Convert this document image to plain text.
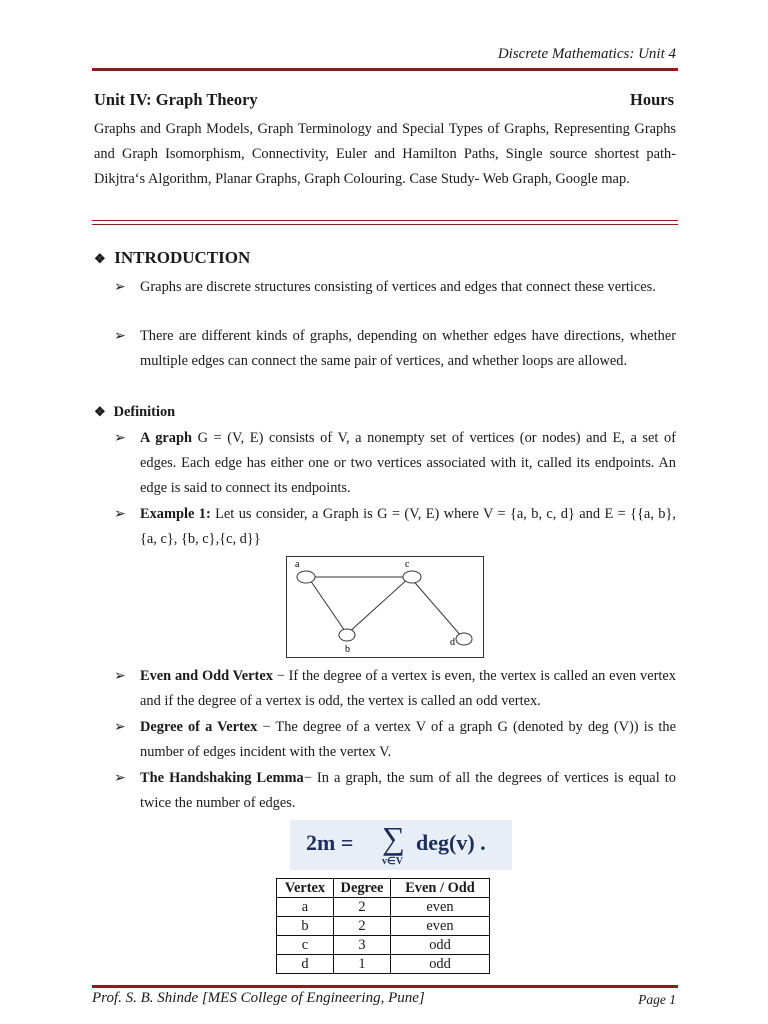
Discrete Mathematics: Unit 4
Unit IV: Graph Theory	Hours
Graphs and Graph Models, Graph Terminology and Special Types of Graphs, Representing Graphs and Graph Isomorphism, Connectivity, Euler and Hamilton Paths, Single source shortest path-Dikjtra‘s Algorithm, Planar Graphs, Graph Colouring. Case Study- Web Graph, Google map.
❖ INTRODUCTION
➢ Graphs are discrete structures consisting of vertices and edges that connect these vertices.
➢ There are different kinds of graphs, depending on whether edges have directions, whether multiple edges can connect the same pair of vertices, and whether loops are allowed.
❖ Definition
➢ A graph G = (V, E) consists of V, a nonempty set of vertices (or nodes) and E, a set of edges. Each edge has either one or two vertices associated with it, called its endpoints. An edge is said to connect its endpoints.
➢ Example 1: Let us consider, a Graph is G = (V, E) where V = {a, b, c, d} and E = {{a, b}, {a, c}, {b, c},{c, d}}
a	c
b
d
➢ Even and Odd Vertex − If the degree of a vertex is even, the vertex is called an even vertex and if the degree of a vertex is odd, the vertex is called an odd vertex.
➢ Degree of a Vertex − The degree of a vertex V of a graph G (denoted by deg (V)) is the number of edges incident with the vertex V.
➢ The Handshaking Lemma− In a graph, the sum of all the degrees of vertices is equal to twice the number of edges.
2m = ∑
v∈V
deg(v) .
Vertex	Degree	Even / Odd
a	2	even
b	2	even
c	3	odd
d	1	odd
Prof. S. B. Shinde [MES College of Engineering, Pune]	Page 1
